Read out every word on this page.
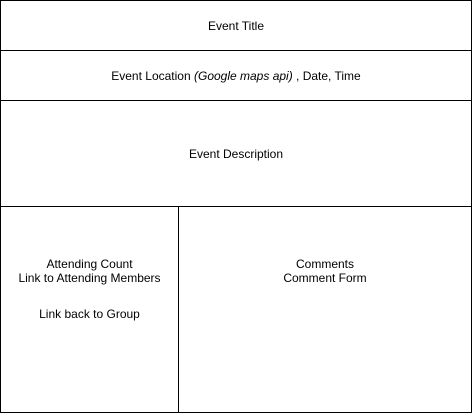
Event Title
Event Location (Google maps api) , Date, Time
Event Description
Attending Count
Link to Attending Members
Link back to Group
Comments
Comment Form
